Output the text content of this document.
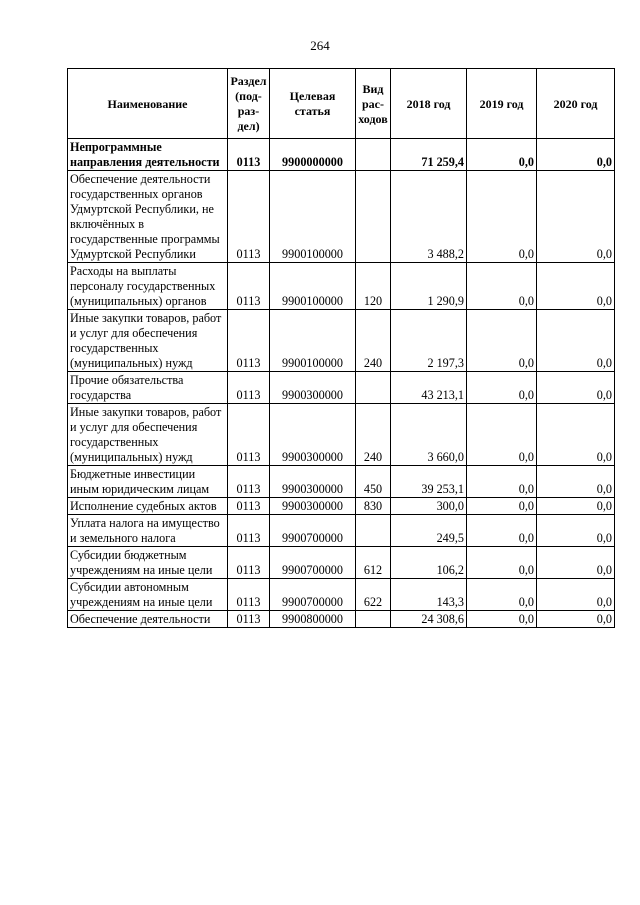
264
Наименование	Раздел (под-раз-дел)	Целевая статья	Вид рас-ходов	2018 год	2019 год	2020 год
Непрограммные направления деятельности	0113	9900000000		71 259,4	0,0	0,0
Обеспечение деятельности государственных органов Удмуртской Республики, не включённых в государственные программы Удмуртской Республики	0113	9900100000		3 488,2	0,0	0,0
Расходы на выплаты персоналу государственных (муниципальных) органов	0113	9900100000	120	1 290,9	0,0	0,0
Иные закупки товаров, работ и услуг для обеспечения государственных (муниципальных) нужд	0113	9900100000	240	2 197,3	0,0	0,0
Прочие обязательства государства	0113	9900300000		43 213,1	0,0	0,0
Иные закупки товаров, работ и услуг для обеспечения государственных (муниципальных) нужд	0113	9900300000	240	3 660,0	0,0	0,0
Бюджетные инвестиции иным юридическим лицам	0113	9900300000	450	39 253,1	0,0	0,0
Исполнение судебных актов	0113	9900300000	830	300,0	0,0	0,0
Уплата налога на имущество и земельного налога	0113	9900700000		249,5	0,0	0,0
Субсидии бюджетным учреждениям на иные цели	0113	9900700000	612	106,2	0,0	0,0
Субсидии автономным учреждениям на иные цели	0113	9900700000	622	143,3	0,0	0,0
Обеспечение деятельности	0113	9900800000		24 308,6	0,0	0,0
